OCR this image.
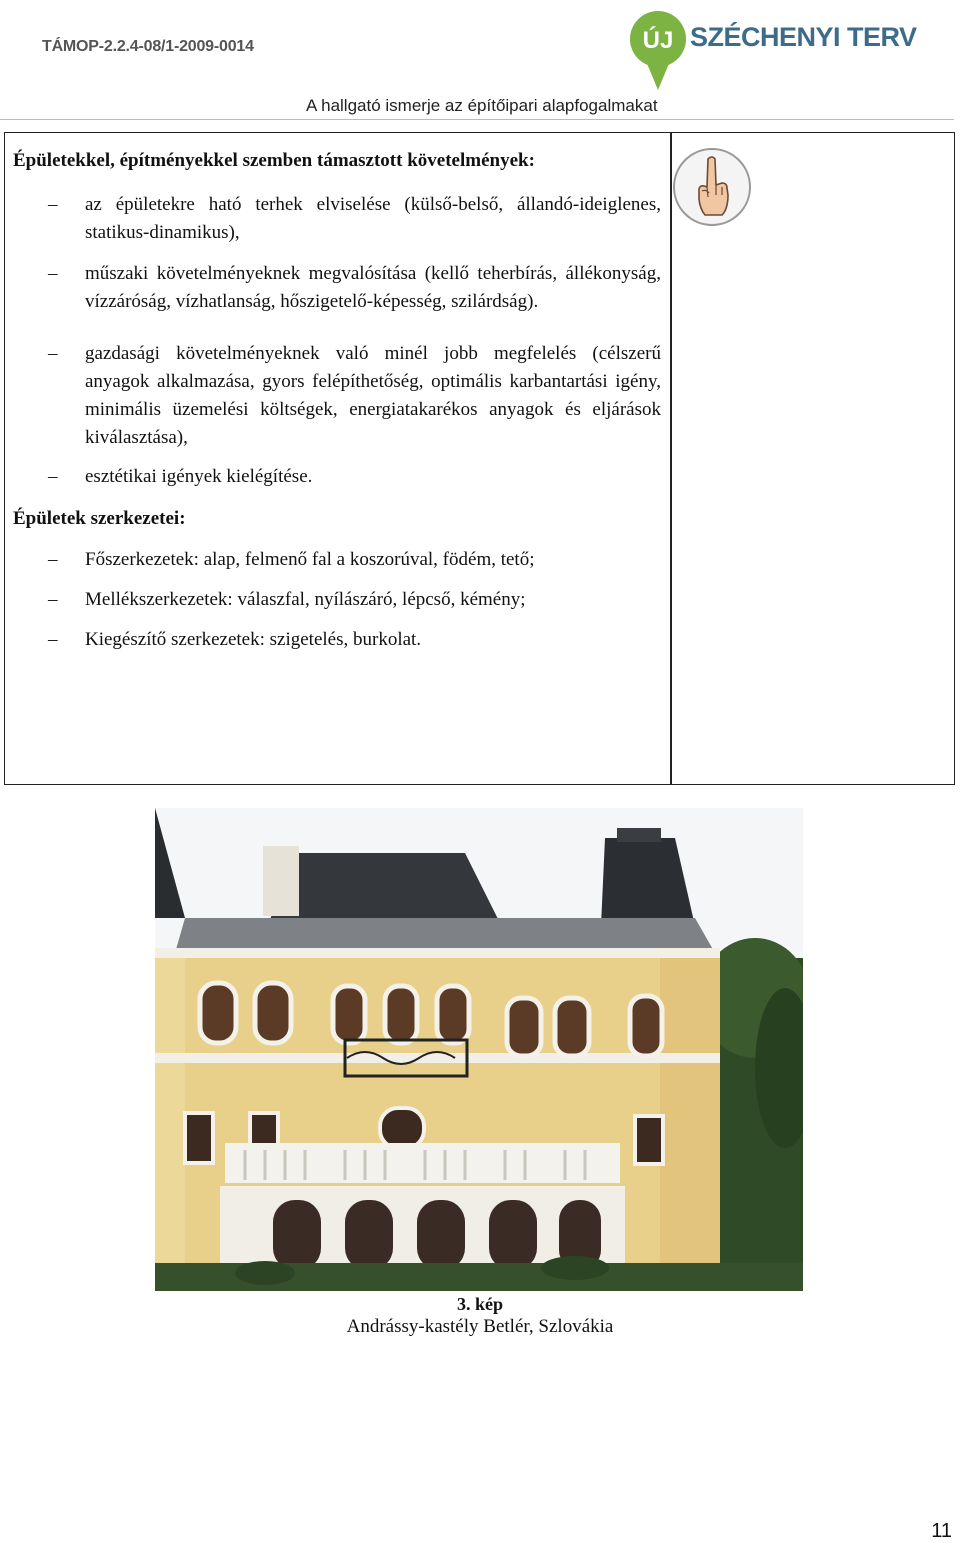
TÁMOP-2.2.4-08/1-2009-0014	ÚJ SZÉCHENYI TERV
A hallgató ismerje az építőipari alapfogalmakat

Épületekkel, építményekkel szemben támasztott követelmények:

– az épületekre ható terhek elviselése (külső-belső, állandó-ideiglenes, statikus-dinamikus),
– műszaki követelményeknek megvalósítása (kellő teherbírás, állékonyság, vízzáróság, vízhatlanság, hőszigetelő-képesség, szilárdság).
– gazdasági követelményeknek való minél jobb megfelelés (célszerű anyagok alkalmazása, gyors felépíthetőség, optimális karbantartási igény, minimális üzemelési költségek, energiatakarékos anyagok és eljárások kiválasztása),
– esztétikai igények kielégítése.

Épületek szerkezetei:

– Főszerkezetek: alap, felmenő fal a koszorúval, födém, tető;
– Mellékszerkezetek: válaszfal, nyílászáró, lépcső, kémény;
– Kiegészítő szerkezetek: szigetelés, burkolat.
3. kép
Andrássy-kastély Betlér, Szlovákia
11
